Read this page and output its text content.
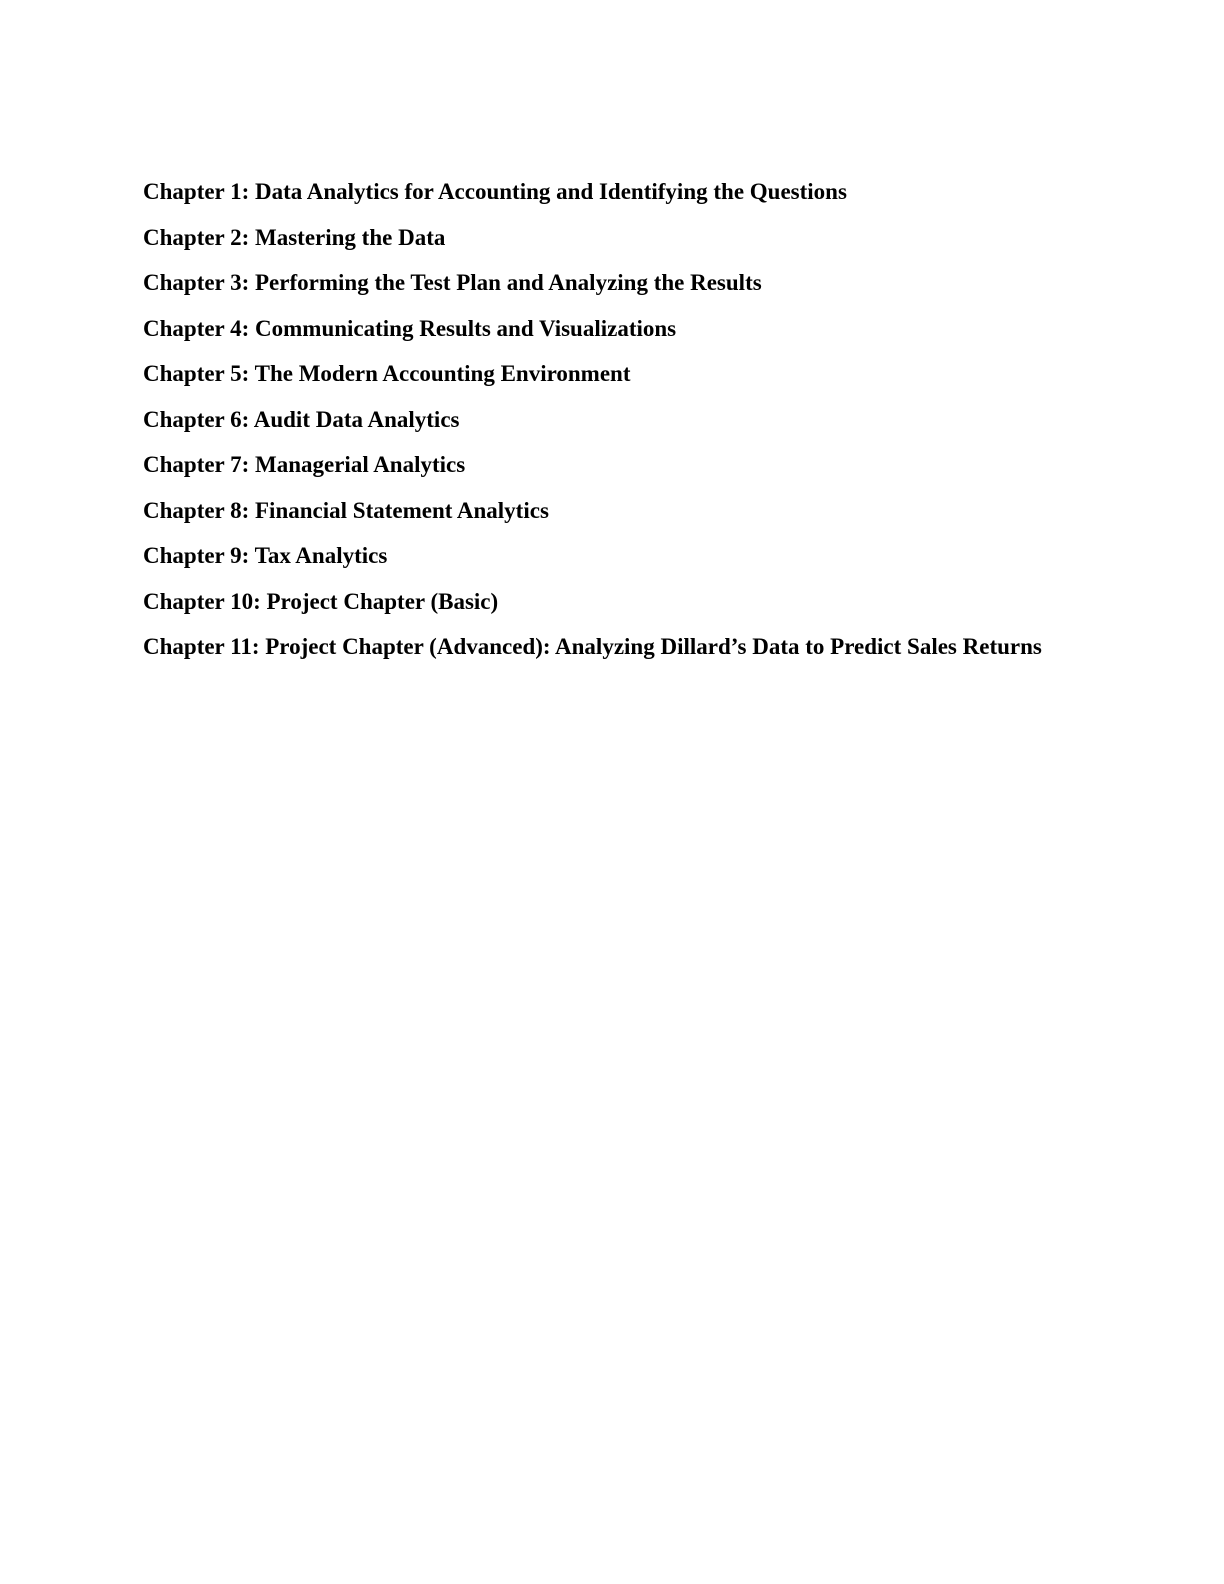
Chapter 1: Data Analytics for Accounting and Identifying the Questions
Chapter 2: Mastering the Data
Chapter 3: Performing the Test Plan and Analyzing the Results
Chapter 4: Communicating Results and Visualizations
Chapter 5: The Modern Accounting Environment
Chapter 6: Audit Data Analytics
Chapter 7: Managerial Analytics
Chapter 8: Financial Statement Analytics
Chapter 9: Tax Analytics
Chapter 10: Project Chapter (Basic)
Chapter 11: Project Chapter (Advanced): Analyzing Dillard’s Data to Predict Sales Returns
